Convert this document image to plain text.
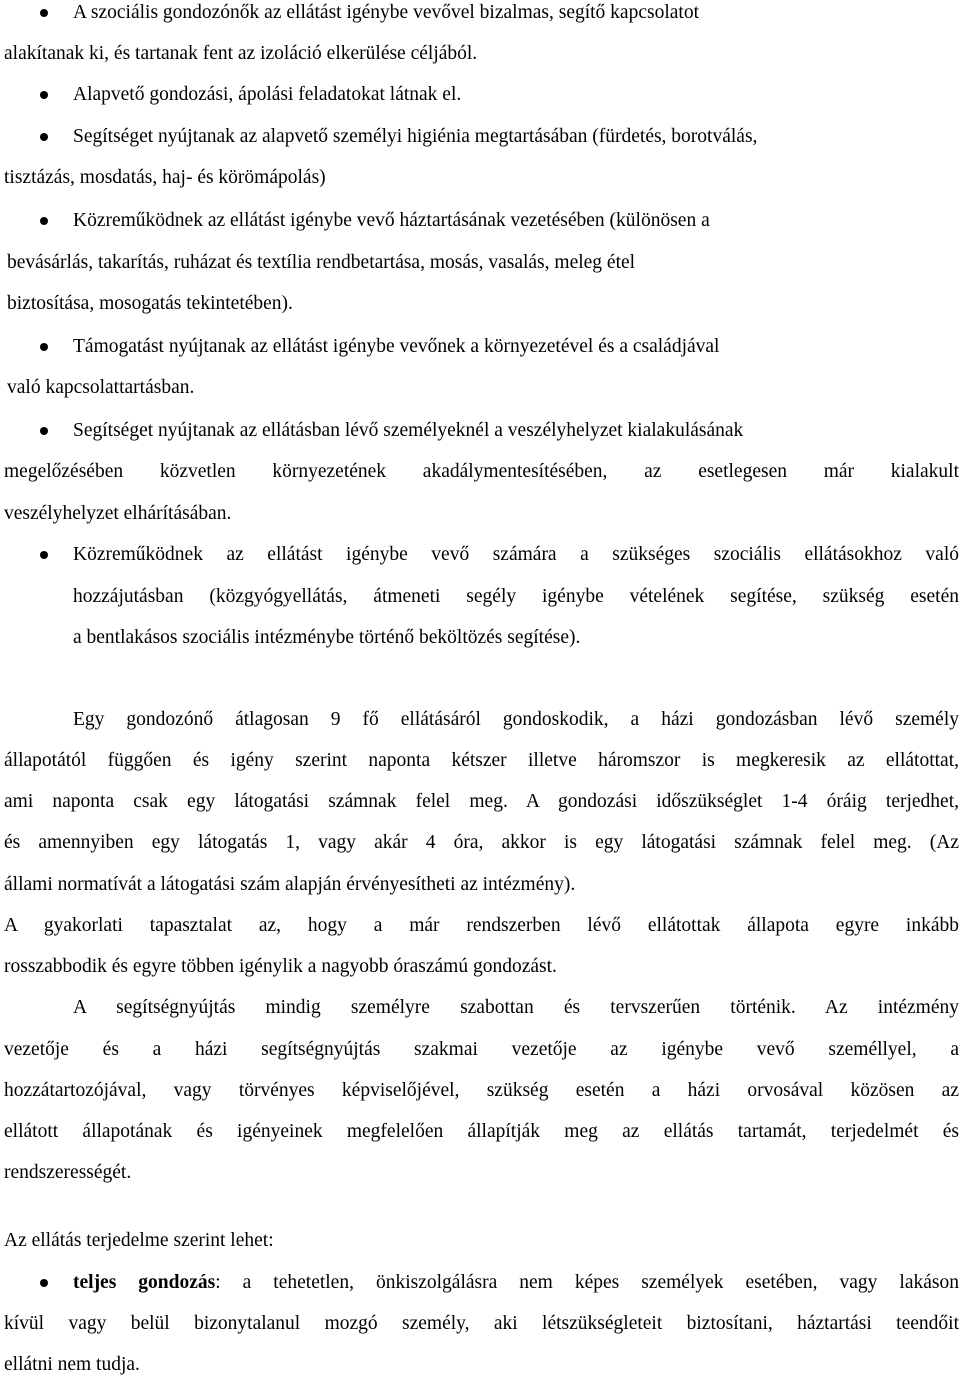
A szociális gondozónők az ellátást igénybe vevővel bizalmas, segítő kapcsolatot
alakítanak ki, és tartanak fent az izoláció elkerülése céljából.
Alapvető gondozási, ápolási feladatokat látnak el.
Segítséget nyújtanak az alapvető személyi higiénia megtartásában (fürdetés, borotválás,
tisztázás, mosdatás, haj- és körömápolás)
Közreműködnek az ellátást igénybe vevő háztartásának vezetésében (különösen a
bevásárlás, takarítás, ruházat és textília rendbetartása, mosás, vasalás, meleg étel
biztosítása, mosogatás tekintetében).
Támogatást nyújtanak az ellátást igénybe vevőnek a környezetével és a családjával
való kapcsolattartásban.
Segítséget nyújtanak az ellátásban lévő személyeknél a veszélyhelyzet kialakulásának
megelőzésében közvetlen környezetének akadálymentesítésében, az esetlegesen már kialakult
veszélyhelyzet elhárításában.
Közreműködnek az ellátást igénybe vevő számára a szükséges szociális ellátásokhoz való
hozzájutásban (közgyógyellátás, átmeneti segély igénybe vételének segítése, szükség esetén
a bentlakásos szociális intézménybe történő beköltözés segítése).
Egy gondozónő átlagosan 9 fő ellátásáról gondoskodik, a házi gondozásban lévő személy
állapotától függően és igény szerint naponta kétszer illetve háromszor is megkeresik az ellátottat,
ami naponta csak egy látogatási számnak felel meg. A gondozási időszükséglet 1-4 óráig terjedhet,
és amennyiben egy látogatás 1, vagy akár 4 óra, akkor is egy látogatási számnak felel meg. (Az
állami normatívát a látogatási szám alapján érvényesítheti az intézmény).
A gyakorlati tapasztalat az, hogy a már rendszerben lévő ellátottak állapota egyre inkább
rosszabbodik és egyre többen igénylik a nagyobb óraszámú gondozást.
A segítségnyújtás mindig személyre szabottan és tervszerűen történik. Az intézmény
vezetője és a házi segítségnyújtás szakmai vezetője az igénybe vevő személlyel, a
hozzátartozójával, vagy törvényes képviselőjével, szükség esetén a házi orvosával közösen az
ellátott állapotának és igényeinek megfelelően állapítják meg az ellátás tartamát, terjedelmét és
rendszerességét.
Az ellátás terjedelme szerint lehet:
teljes gondozás: a tehetetlen, önkiszolgálásra nem képes személyek esetében, vagy lakáson
kívül vagy belül bizonytalanul mozgó személy, aki létszükségleteit biztosítani, háztartási teendőit
ellátni nem tudja.
